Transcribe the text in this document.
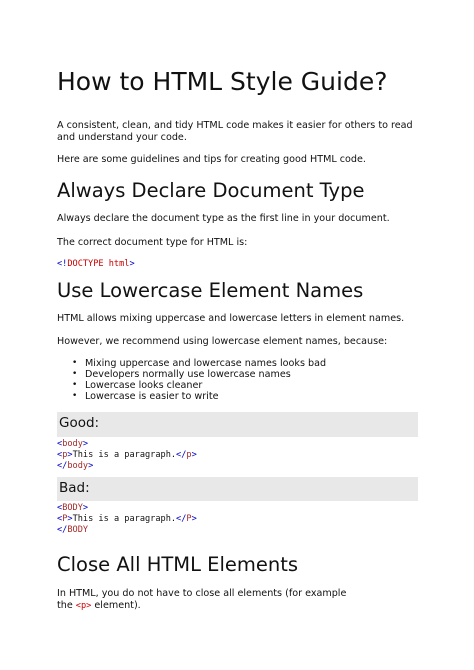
How to HTML Style Guide?

A consistent, clean, and tidy HTML code makes it easier for others to read and understand your code.

Here are some guidelines and tips for creating good HTML code.

Always Declare Document Type

Always declare the document type as the first line in your document.

The correct document type for HTML is:

<!DOCTYPE html>
Use Lowercase Element Names

HTML allows mixing uppercase and lowercase letters in element names.

However, we recommend using lowercase element names, because:

• Mixing uppercase and lowercase names looks bad
• Developers normally use lowercase names
• Lowercase looks cleaner
• Lowercase is easier to write
Good:
<body>
<p>This is a paragraph.</p>
</body>
Bad:
<BODY>
<P>This is a paragraph.</P>
</BODY
Close All HTML Elements

In HTML, you do not have to close all elements (for example
the <p> element).
